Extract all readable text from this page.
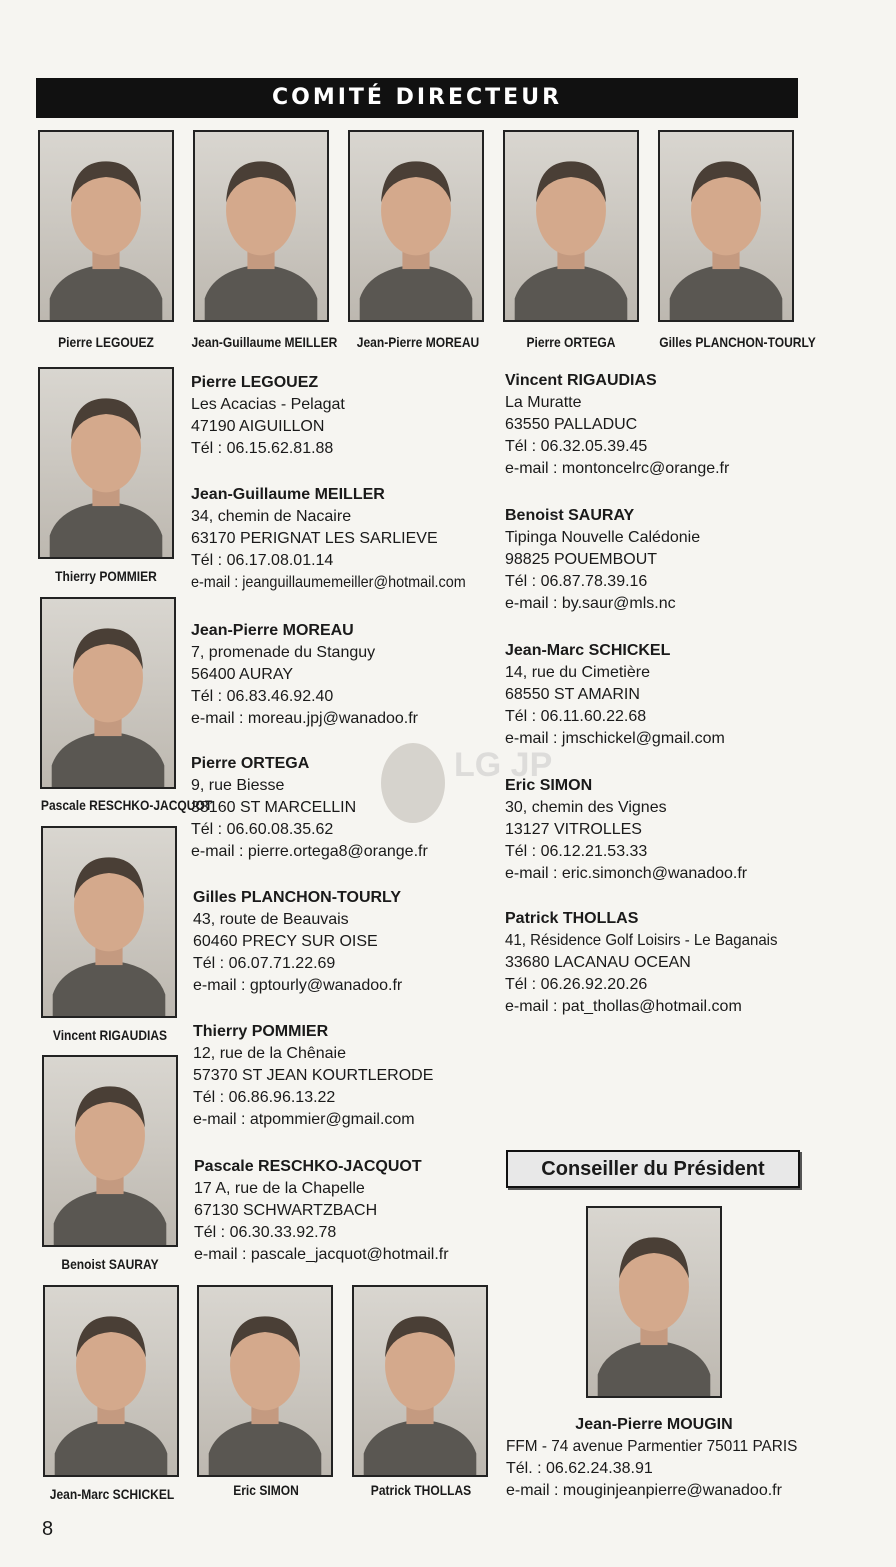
COMITÉ DIRECTEUR
Pierre LEGOUEZ	Jean-Guillaume MEILLER	Jean-Pierre MOREAU	Pierre ORTEGA	Gilles PLANCHON-TOURLY
Thierry POMMIER
Pascale RESCHKO-JACQUOT
Vincent RIGAUDIAS
Benoist SAURAY
Jean-Marc SCHICKEL	Eric SIMON	Patrick THOLLAS
Pierre LEGOUEZ
Les Acacias - Pelagat
47190 AIGUILLON
Tél : 06.15.62.81.88
Jean-Guillaume MEILLER
34, chemin de Nacaire
63170 PERIGNAT LES SARLIEVE
Tél : 06.17.08.01.14
e-mail : jeanguillaumemeiller@hotmail.com
Jean-Pierre MOREAU
7, promenade du Stanguy
56400 AURAY
Tél : 06.83.46.92.40
e-mail : moreau.jpj@wanadoo.fr
Pierre ORTEGA
9, rue Biesse
38160 ST MARCELLIN
Tél : 06.60.08.35.62
e-mail : pierre.ortega8@orange.fr
Gilles PLANCHON-TOURLY
43, route de Beauvais
60460 PRECY SUR OISE
Tél : 06.07.71.22.69
e-mail : gptourly@wanadoo.fr
Thierry POMMIER
12, rue de la Chênaie
57370 ST JEAN KOURTLERODE
Tél : 06.86.96.13.22
e-mail : atpommier@gmail.com
Pascale RESCHKO-JACQUOT
17 A, rue de la Chapelle
67130 SCHWARTZBACH
Tél : 06.30.33.92.78
e-mail : pascale_jacquot@hotmail.fr
Vincent RIGAUDIAS
La Muratte
63550 PALLADUC
Tél : 06.32.05.39.45
e-mail : montoncelrc@orange.fr
Benoist SAURAY
Tipinga Nouvelle Calédonie
98825 POUEMBOUT
Tél : 06.87.78.39.16
e-mail : by.saur@mls.nc
Jean-Marc SCHICKEL
14, rue du Cimetière
68550 ST AMARIN
Tél : 06.11.60.22.68
e-mail : jmschickel@gmail.com
Eric SIMON
30, chemin des Vignes
13127 VITROLLES
Tél : 06.12.21.53.33
e-mail : eric.simonch@wanadoo.fr
Patrick THOLLAS
41, Résidence Golf Loisirs - Le Baganais
33680 LACANAU OCEAN
Tél : 06.26.92.20.26
e-mail : pat_thollas@hotmail.com
LG JP
Conseiller du Président
Jean-Pierre MOUGIN
FFM - 74 avenue Parmentier 75011 PARIS
Tél. : 06.62.24.38.91
e-mail : mouginjeanpierre@wanadoo.fr
8
